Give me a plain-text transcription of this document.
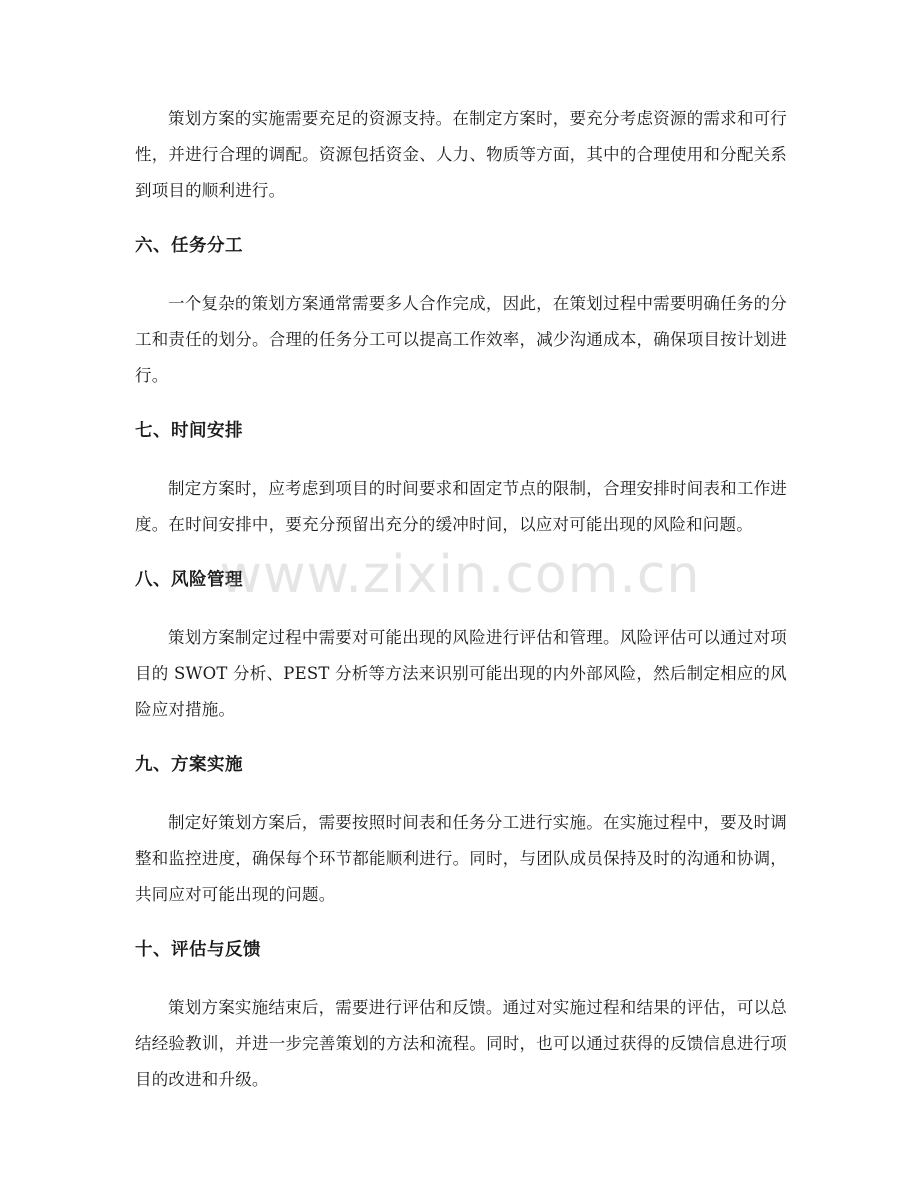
策划方案的实施需要充足的资源支持。在制定方案时，要充分考虑资源的需求和可行性，并进行合理的调配。资源包括资金、人力、物质等方面，其中的合理使用和分配关系到项目的顺利进行。

六、任务分工

一个复杂的策划方案通常需要多人合作完成，因此，在策划过程中需要明确任务的分工和责任的划分。合理的任务分工可以提高工作效率，减少沟通成本，确保项目按计划进行。

七、时间安排

制定方案时，应考虑到项目的时间要求和固定节点的限制，合理安排时间表和工作进度。在时间安排中，要充分预留出充分的缓冲时间，以应对可能出现的风险和问题。

八、风险管理

策划方案制定过程中需要对可能出现的风险进行评估和管理。风险评估可以通过对项目的 SWOT 分析、PEST 分析等方法来识别可能出现的内外部风险，然后制定相应的风险应对措施。

九、方案实施

制定好策划方案后，需要按照时间表和任务分工进行实施。在实施过程中，要及时调整和监控进度，确保每个环节都能顺利进行。同时，与团队成员保持及时的沟通和协调，共同应对可能出现的问题。

十、评估与反馈

策划方案实施结束后，需要进行评估和反馈。通过对实施过程和结果的评估，可以总结经验教训，并进一步完善策划的方法和流程。同时，也可以通过获得的反馈信息进行项目的改进和升级。

www.zixin.com.cn
